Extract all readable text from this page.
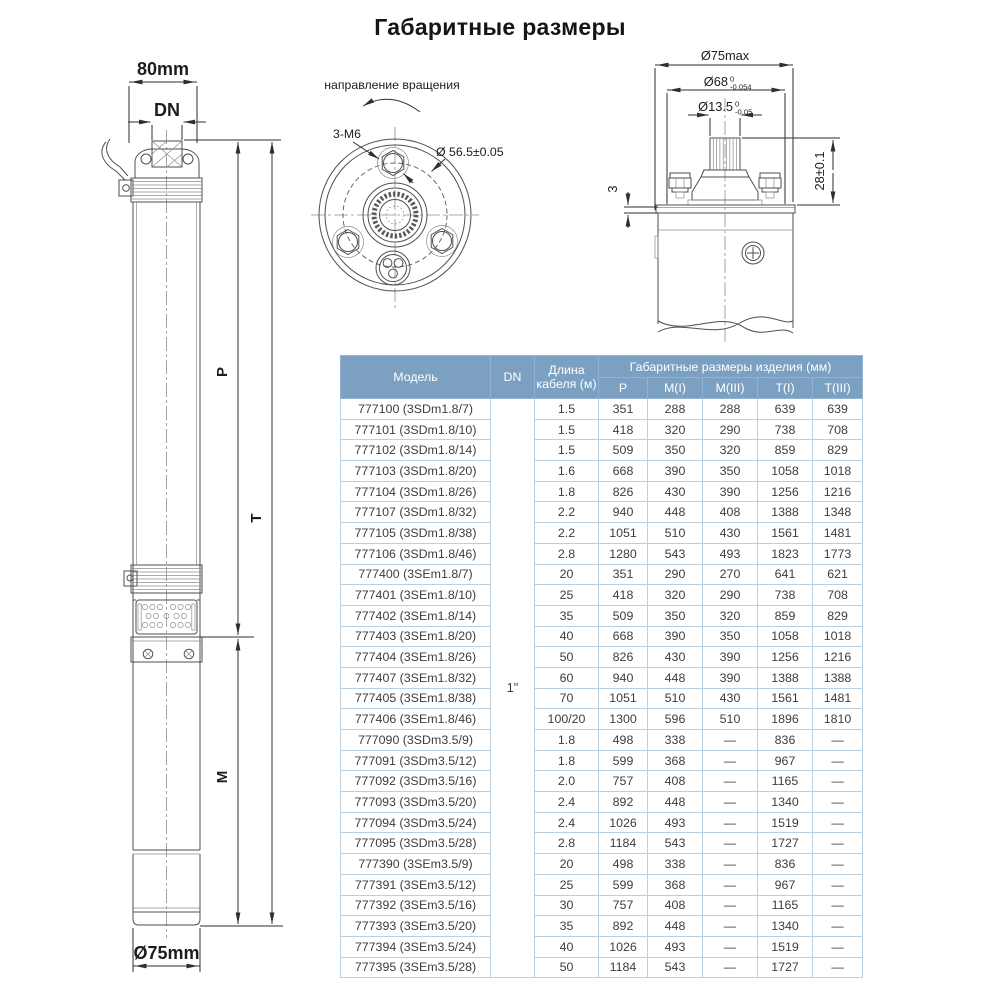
Габаритные размеры
80mm
DN
P
M
T
Ø75mm
направление вращения
3-M6
Ø 56.5±0.05
Ø75max
Ø68 0
-0.054
Ø13.5 0
-0.05
28±0.1
3
Модель	DN	Длина кабеля (м)	Габаритные размеры изделия (мм)				
			P	M(I)	M(III)	T(I)	T(III)
777100 (3SDm1.8/7)	1"	1.5	351	288	288	639	639
777101 (3SDm1.8/10)		1.5	418	320	290	738	708
777102 (3SDm1.8/14)		1.5	509	350	320	859	829
777103 (3SDm1.8/20)		1.6	668	390	350	1058	1018
777104 (3SDm1.8/26)		1.8	826	430	390	1256	1216
777107 (3SDm1.8/32)		2.2	940	448	408	1388	1348
777105 (3SDm1.8/38)		2.2	1051	510	430	1561	1481
777106 (3SDm1.8/46)		2.8	1280	543	493	1823	1773
777400 (3SEm1.8/7)		20	351	290	270	641	621
777401 (3SEm1.8/10)		25	418	320	290	738	708
777402 (3SEm1.8/14)		35	509	350	320	859	829
777403 (3SEm1.8/20)		40	668	390	350	1058	1018
777404 (3SEm1.8/26)		50	826	430	390	1256	1216
777407 (3SEm1.8/32)		60	940	448	390	1388	1388
777405 (3SEm1.8/38)		70	1051	510	430	1561	1481
777406 (3SEm1.8/46)		100/20	1300	596	510	1896	1810
777090 (3SDm3.5/9)		1.8	498	338	—	836	—
777091 (3SDm3.5/12)		1.8	599	368	—	967	—
777092 (3SDm3.5/16)		2.0	757	408	—	1165	—
777093 (3SDm3.5/20)		2.4	892	448	—	1340	—
777094 (3SDm3.5/24)		2.4	1026	493	—	1519	—
777095 (3SDm3.5/28)		2.8	1184	543	—	1727	—
777390 (3SEm3.5/9)		20	498	338	—	836	—
777391 (3SEm3.5/12)		25	599	368	—	967	—
777392 (3SEm3.5/16)		30	757	408	—	1165	—
777393 (3SEm3.5/20)		35	892	448	—	1340	—
777394 (3SEm3.5/24)		40	1026	493	—	1519	—
777395 (3SEm3.5/28)		50	1184	543	—	1727	—
